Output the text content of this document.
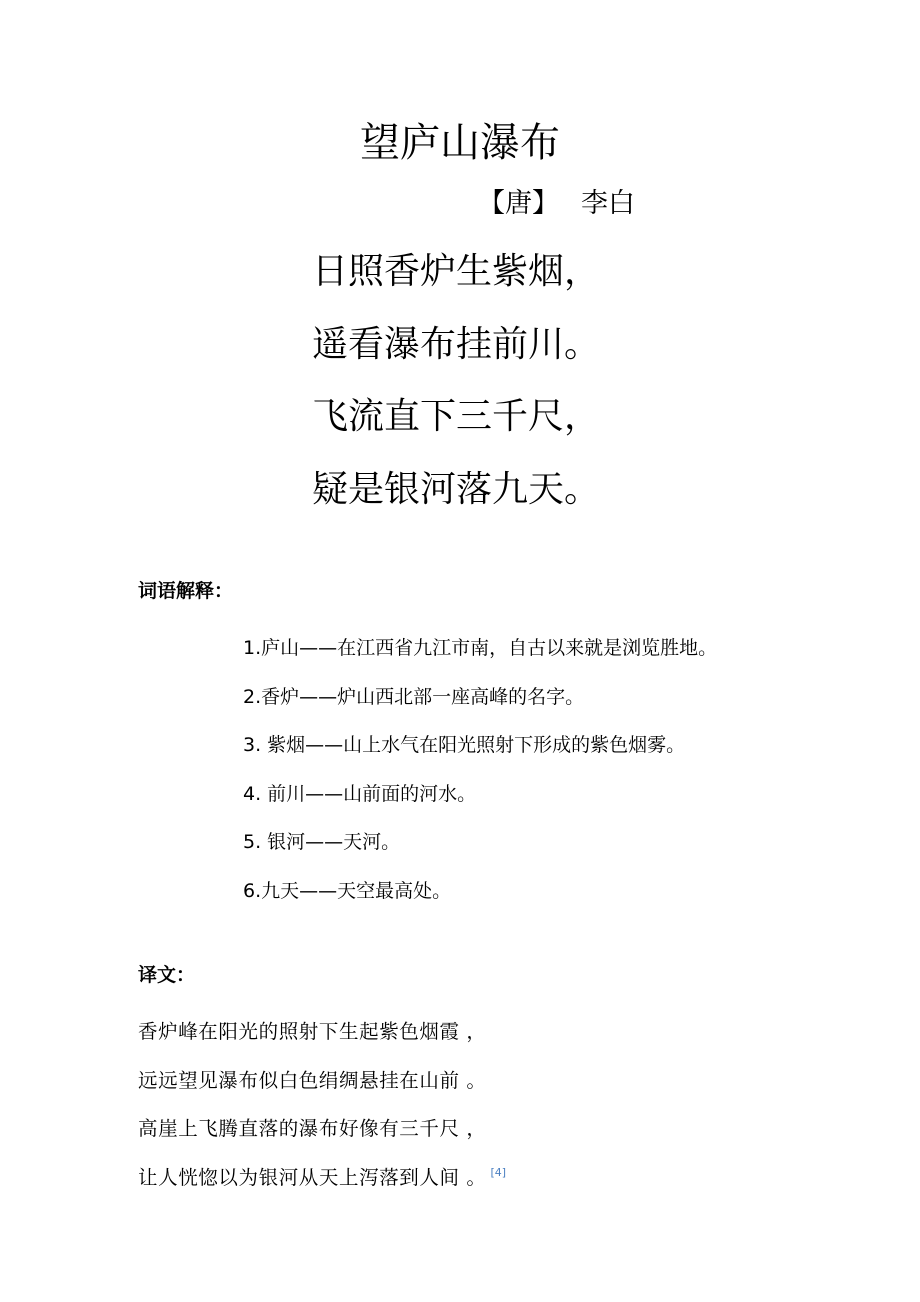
望庐山瀑布
【唐】 李白
日照香炉生紫烟，
遥看瀑布挂前川。
飞流直下三千尺，
疑是银河落九天。
词语解释：
1.庐山——在江西省九江市南，自古以来就是浏览胜地。
2.香炉——炉山西北部一座高峰的名字。
3. 紫烟——山上水气在阳光照射下形成的紫色烟雾。
4. 前川——山前面的河水。
5. 银河——天河。
6.九天——天空最高处。
译文：
香炉峰在阳光的照射下生起紫色烟霞 ，
远远望见瀑布似白色绢绸悬挂在山前 。
高崖上飞腾直落的瀑布好像有三千尺 ，
让人恍惚以为银河从天上泻落到人间 。 [4]
